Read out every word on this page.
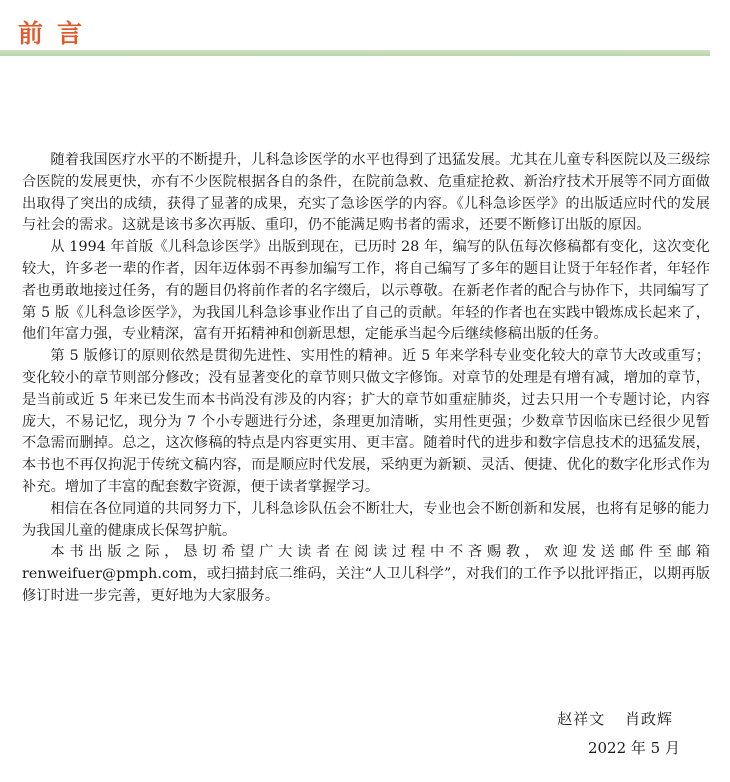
前言

随着我国医疗水平的不断提升，儿科急诊医学的水平也得到了迅猛发展。尤其在儿童专科医院以及三级综合医院的发展更快，亦有不少医院根据各自的条件，在院前急救、危重症抢救、新治疗技术开展等不同方面做出取得了突出的成绩，获得了显著的成果，充实了急诊医学的内容。《儿科急诊医学》的出版适应时代的发展与社会的需求。这就是该书多次再版、重印，仍不能满足购书者的需求，还要不断修订出版的原因。

从 1994 年首版《儿科急诊医学》出版到现在，已历时 28 年，编写的队伍每次修稿都有变化，这次变化较大，许多老一辈的作者，因年迈体弱不再参加编写工作，将自己编写了多年的题目让贤于年轻作者，年轻作者也勇敢地接过任务，有的题目仍将前作者的名字缀后，以示尊敬。在新老作者的配合与协作下，共同编写了第 5 版《儿科急诊医学》，为我国儿科急诊事业作出了自己的贡献。年轻的作者也在实践中锻炼成长起来了，他们年富力强，专业精深，富有开拓精神和创新思想，定能承当起今后继续修稿出版的任务。

第 5 版修订的原则依然是贯彻先进性、实用性的精神。近 5 年来学科专业变化较大的章节大改或重写；变化较小的章节则部分修改；没有显著变化的章节则只做文字修饰。对章节的处理是有增有减，增加的章节，是当前或近 5 年来已发生而本书尚没有涉及的内容；扩大的章节如重症肺炎，过去只用一个专题讨论，内容庞大，不易记忆，现分为 7 个小专题进行分述，条理更加清晰，实用性更强；少数章节因临床已经很少见暂不急需而删掉。总之，这次修稿的特点是内容更实用、更丰富。随着时代的进步和数字信息技术的迅猛发展，本书也不再仅拘泥于传统文稿内容，而是顺应时代发展，采纳更为新颖、灵活、便捷、优化的数字化形式作为补充。增加了丰富的配套数字资源，便于读者掌握学习。

相信在各位同道的共同努力下，儿科急诊队伍会不断壮大，专业也会不断创新和发展，也将有足够的能力为我国儿童的健康成长保驾护航。

本书出版之际，恳切希望广大读者在阅读过程中不吝赐教，欢迎发送邮件至邮箱 renweifuer@pmph.com，或扫描封底二维码，关注“人卫儿科学”，对我们的工作予以批评指正，以期再版修订时进一步完善，更好地为大家服务。

赵祥文 肖政辉
2022 年 5 月
